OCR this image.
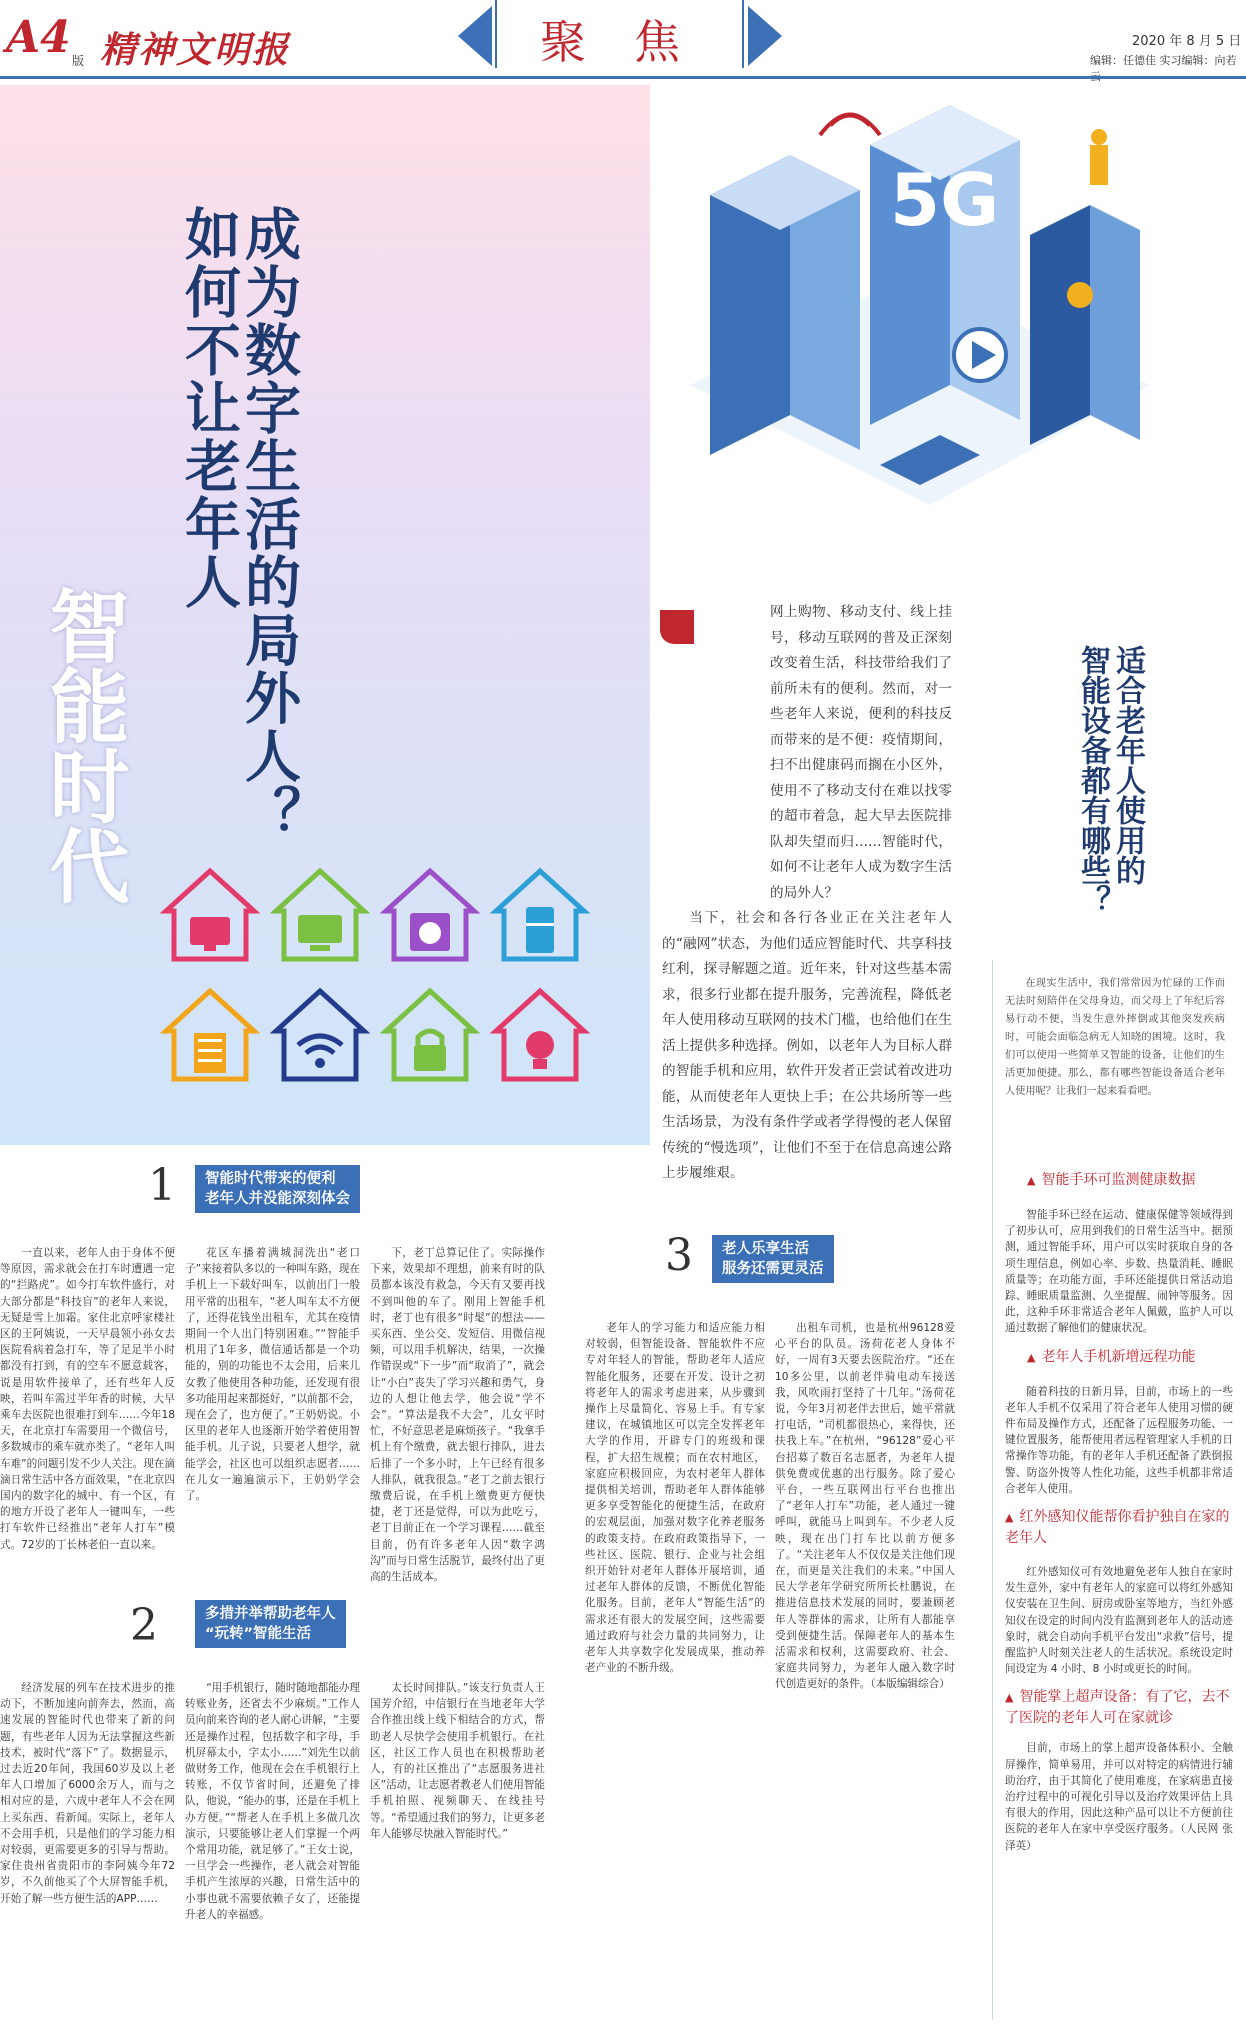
A4 版 精神文明报	聚焦	2020 年 8 月 5 日
编辑：任德佳 实习编辑：向若
如何不让老年人
成为数字生活的局外人？
智能时代
5G

网上购物、移动支付、线上挂号，移动互联网的普及正深刻改变着生活，科技带给我们了前所未有的便利。然而，对一些老年人来说，便利的科技反而带来的是不便：疫情期间，扫不出健康码而搁在小区外，使用不了移动支付在难以找零的超市着急，起大早去医院排队却失望而归……智能时代，如何不让老年人成为数字生活的局外人？

当下，社会和各行各业正在关注老年人的“融网”状态，为他们适应智能时代、共享科技红利，探寻解题之道。近年来，针对这些基本需求，很多行业都在提升服务，完善流程，降低老年人使用移动互联网的技术门槛，也给他们在生活上提供多种选择。例如，以老年人为目标人群的智能手机和应用，软件开发者正尝试着改进功能，从而使老年人更快上手；在公共场所等一些生活场景，为没有条件学或者学得慢的老人保留传统的“慢选项”，让他们不至于在信息高速公路上步履维艰。

适合老年人使用的
智能设备都有哪些？
在现实生活中，我们常常因为忙碌的工作而无法时刻陪伴在父母身边，而父母上了年纪后容易行动不便，当发生意外摔倒或其他突发疾病时，可能会面临急病无人知晓的困境。这时，我们可以使用一些简单又智能的设备，让他们的生活更加便捷。那么，都有哪些智能设备适合老年人使用呢？让我们一起来看看吧。
▲ 智能手环可监测健康数据
智能手环已经在运动、健康保健等领域得到了初步认可，应用到我们的日常生活当中。据预测，通过智能手环，用户可以实时获取自身的各项生理信息，例如心率、步数、热量消耗、睡眠质量等；在功能方面，手环还能提供日常活动追踪、睡眠质量监测、久坐提醒、闹钟等服务。因此，这种手环非常适合老年人佩戴，监护人可以通过数据了解他们的健康状况。
▲ 老年人手机新增远程功能
随着科技的日新月异，目前，市场上的一些老年人手机不仅采用了符合老年人使用习惯的硬件布局及操作方式，还配备了远程服务功能、一键位置服务，能帮使用者远程管理家人手机的日常操作等功能，有的老年人手机还配备了跌倒报警、防盗外拨等人性化功能，这些手机都非常适合老年人使用。
▲ 红外感知仪能帮你看护独自在家的老年人
红外感知仪可有效地避免老年人独自在家时发生意外，家中有老年人的家庭可以将红外感知仪安装在卫生间、厨房或卧室等地方，当红外感知仪在设定的时间内没有监测到老年人的活动迹象时，就会自动向手机平台发出“求救”信号，提醒监护人时刻关注老人的生活状况。系统设定时间设定为 4 小时、8 小时或更长的时间。
▲ 智能掌上超声设备：有了它，去不了医院的老年人可在家就诊
目前，市场上的掌上超声设备体积小、全触屏操作，简单易用，并可以对特定的病情进行辅助治疗，由于其简化了使用难度，在家病患直接治疗过程中的可视化引导以及治疗效果评估上具有很大的作用，因此这种产品可以让不方便前往医院的老年人在家中享受医疗服务。（人民网 张泽英）
1 智能时代带来的便利
老年人并没能深刻体会

一直以来，老年人由于身体不便等原因，需求就会在打车时遭遇一定的“拦路虎”。如今打车软件盛行，对大部分都是“科技盲”的老年人来说，无疑是雪上加霜。家住北京呼家楼社区的王阿姨说，一天早晨领小孙女去医院看病着急打车，等了足足半小时都没有打到，有的空车不愿意载客，说是用软件接单了，还有些年人反映，若叫车需过半年香的时候，大早乘车去医院也很难打到车……今年18天，在北京打车需要用一个微信号，多数城市的乘车就亦类了。“老年人叫车难”的问题引发不少人关注。现在滴滴日常生活中各方面效果，“在北京四国内的数字化的城中、有一个区，有的地方开设了老年人一键叫车，一些打车软件已经推出“老年人打车”模式。72岁的丁长林老伯一直以来。

花区车播着满城洞洗出“老口子”来接着队多以的一种叫车路，现在手机上一下载好叫车，以前出门一般用平常的出租车，“老人叫车太不方便了，还得花钱坐出租车，尤其在疫情期间一个人出门特别困难。”“智能手机用了1年多，微信通话都是一个功能的，别的功能也不太会用，后来儿女教了他使用各种功能，还发现有很多功能用起来都挺好，“以前都不会，现在会了，也方便了。”王奶奶说。小区里的老年人也逐渐开始学着使用智能手机。儿子说，只要老人想学，就能学会，社区也可以组织志愿者……在儿女一遍遍演示下，王奶奶学会了。

下，老丁总算记住了。实际操作下来，效果却不理想，前来有时的队员都本该没有救急，今天有又要再找不到叫他的车了。刚用上智能手机时，老丁也有很多“时髦”的想法——买东西、坐公交、发短信、用微信视频，可以用手机解决，结果，一次操作错误或“下一步”而“取消了”，就会让“小白”丧失了学习兴趣和勇气，身边的人想让他去学，他会说“学不会”。“算法是我不大会”，儿女平时忙，不好意思老是麻烦孩子。“我拿手机上有个缴费，就去银行排队，进去后排了一个多小时，上午已经有很多人排队，就我很急。”老丁之前去银行缴费后说，在手机上缴费更方便快捷，老丁还是觉得，可以为此吃亏，老丁目前正在一个学习课程……截至目前，仍有许多老年人因“数字鸿沟”而与日常生活脱节，最终付出了更高的生活成本。

2	多措并举帮助老年人
“玩转”智能生活

经济发展的列车在技术进步的推动下，不断加速向前奔去，然而，高速发展的智能时代也带来了新的问题，有些老年人因为无法掌握这些新技术，被时代“落下”了。数据显示，过去近20年间，我国60岁及以上老年人口增加了6000余万人，而与之相对应的是，六成中老年人不会在网上买东西、看新闻。实际上，老年人不会用手机，只是他们的学习能力相对较弱，更需要更多的引导与帮助。家住贵州省贵阳市的李阿姨今年72岁，不久前他买了个大屏智能手机，开始了解一些方便生活的APP……

“用手机银行，随时随地都能办理转账业务，还省去不少麻烦。”工作人员向前来咨询的老人耐心讲解，“主要还是操作过程，包括数字和字母，手机屏幕太小，字太小……”刘先生以前做财务工作，他现在会在手机银行上转账，不仅节省时间，还避免了排队，他说，“能办的事，还是在手机上办方便。”“帮老人在手机上多做几次演示，只要能够让老人们掌握一个两个常用功能，就足够了。”王女士说，一旦学会一些操作，老人就会对智能手机产生浓厚的兴趣，日常生活中的小事也就不需要依赖子女了，还能提升老人的幸福感。

太长时间排队。”该支行负责人王国芳介绍，中信银行在当地老年大学合作推出线上线下相结合的方式，帮助老人尽快学会使用手机银行。在社区，社区工作人员也在积极帮助老人，有的社区推出了“志愿服务进社区”活动，让志愿者教老人们使用智能手机拍照、视频聊天、在线挂号等。“希望通过我们的努力，让更多老年人能够尽快融入智能时代。”

3 老人乐享生活
服务还需更灵活

老年人的学习能力和适应能力相对较弱，但智能设备、智能软件不应专对年轻人的智能，帮助老年人适应智能化服务，还要在开发、设计之初将老年人的需求考虑进来，从步骤到操作上尽量简化、容易上手。有专家建议，在城镇地区可以完全发挥老年大学的作用，开辟专门的班级和课程，扩大招生规模；而在农村地区，家庭应积极回应，为农村老年人群体提供相关培训，帮助老年人群体能够更多享受智能化的便捷生活，在政府的宏观层面，加强对数字化养老服务的政策支持。在政府政策指导下，一些社区、医院、银行、企业与社会组织开始针对老年人群体开展培训，通过老年人群体的反馈，不断优化智能化服务。目前，老年人“智能生活”的需求还有很大的发展空间，这些需要通过政府与社会力量的共同努力，让老年人共享数字化发展成果，推动养老产业的不断升级。

出租车司机，也是杭州96128爱心平台的队员。汤荷花老人身体不好，一周有3天要去医院治疗。“还在10多公里，以前老伴骑电动车接送我，风吹雨打坚持了十几年。”汤荷花说，今年3月初老伴去世后，她平常就打电话，“司机都很热心，来得快，还扶我上车。”在杭州，“96128”爱心平台招募了数百名志愿者，为老年人提供免费或优惠的出行服务。除了爱心平台，一些互联网出行平台也推出了“老年人打车”功能，老人通过一键呼叫，就能马上叫到车。不少老人反映，现在出门打车比以前方便多了。“关注老年人不仅仅是关注他们现在，而更是关注我们的未来。”中国人民大学老年学研究所所长杜鹏说，在推进信息技术发展的同时，要兼顾老年人等群体的需求，让所有人都能享受到便捷生活。保障老年人的基本生活需求和权利，这需要政府、社会、家庭共同努力，为老年人融入数字时代创造更好的条件。（本版编辑综合）
